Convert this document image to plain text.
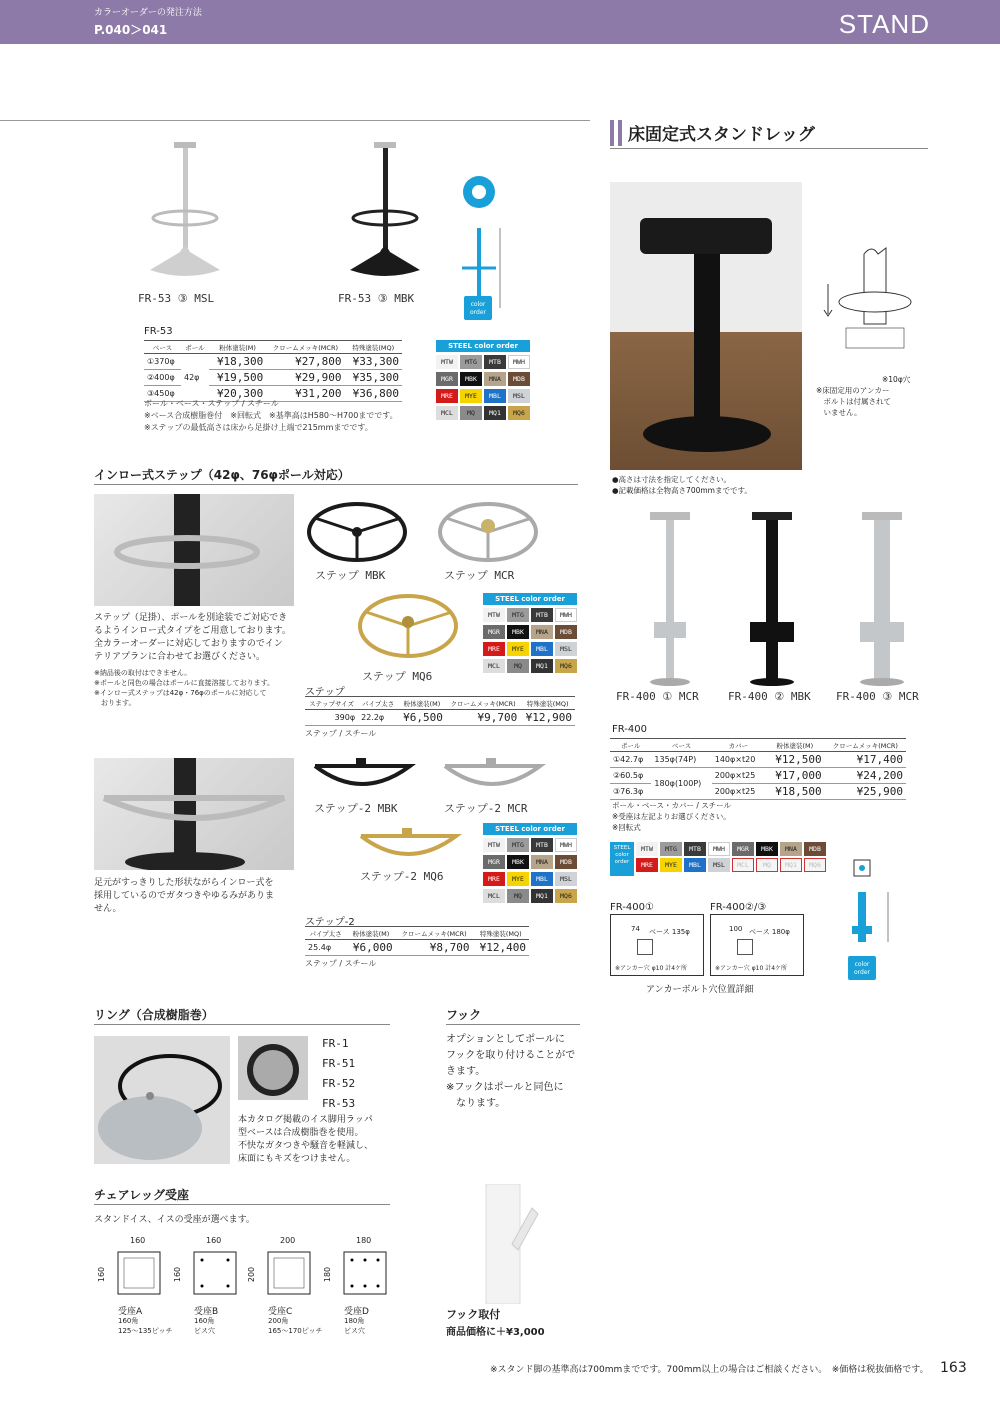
カラーオーダーの発注方法
P.040＞041	STAND
FR-53 ③ MSL	FR-53 ③ MBK	color
order
FR-53
ベース	ポール	粉体塗装(M)	クロームメッキ(MCR)	特殊塗装(MQ)
①370φ	42φ	¥18,300	¥27,800	¥33,300
②400φ		¥19,500	¥29,900	¥35,300
③450φ		¥20,300	¥31,200	¥36,800
ボール・ベース・ステップ / スチール
※ベース合成樹脂巻付　※回転式　※基準高はH580〜H700までです。
※ステップの最低高さは床から足掛け上端で215mmまでです。
STEEL color order
MTW	MTG	MTB	MWH
MGR	MBK	MNA	MDB
MRE	MYE	MBL	MSL
MCL	MQ	MQ1	MQ6
インロー式ステップ（42φ、76φポール対応）
ステップ MBK	ステップ MCR
ステップ MQ6
STEEL color order
MTW	MTG	MTB	MWH
MGR	MBK	MNA	MDB
MRE	MYE	MBL	MSL
MCL	MQ	MQ1	MQ6
ステップ（足掛）、ポールを別途装でご対応でき
るようインロー式タイプをご用意しております。
全カラーオーダーに対応しておりますのでイン
テリアプランに合わせてお選びください。
※納品後の取付はできません。
※ポールと同色の場合はポールに直接溶接しております。
※インロー式ステップは42φ・76φのポールに対応して
　おります。
ステップ
ステップサイズ	パイプ太さ	粉体塗装(M)	クロームメッキ(MCR)	特殊塗装(MQ)
390φ	22.2φ	¥6,500	¥9,700	¥12,900
ステップ / スチール
ステップ-2 MBK	ステップ-2 MCR
ステップ-2 MQ6
STEEL color order
MTW	MTG	MTB	MWH
MGR	MBK	MNA	MDB
MRE	MYE	MBL	MSL
MCL	MQ	MQ1	MQ6
足元がすっきりした形状ながらインロー式を
採用しているのでガタつきやゆるみがありま
せん。
ステップ-2
パイプ太さ	粉体塗装(M)	クロームメッキ(MCR)	特殊塗装(MQ)
25.4φ	¥6,000	¥8,700	¥12,400
ステップ / スチール
リング（合成樹脂巻）
FR-1
FR-51
FR-52
FR-53
本カタログ掲載のイス脚用ラッパ
型ベースは合成樹脂巻を使用。
不快なガタつきや騒音を軽減し、
床面にもキズをつけません。
フック
オプションとしてポールに
フックを取り付けることがで
きます。
※フックはポールと同色に
　なります。
フック取付
商品価格に＋¥3,000
チェアレッグ受座
スタンドイス、イスの受座が選べます。
160
160
受座A
160角
125〜135ピッチ
160
160
受座B
160角
ビス穴
200
200
受座C
200角
165〜170ピッチ
180
180
受座D
180角
ビス穴
床固定式スタンドレッグ
※10φ穴
※床固定用のアンカー
　ボルトは付属されて
　いません。
●高さは寸法を指定してください。
●記載価格は全物高さ700mmまでです。
FR-400 ① MCR	FR-400 ② MBK FR-400 ③ MCR
FR-400
ポール	ベース	カバー	粉体塗装(M)	クロームメッキ(MCR)
①42.7φ	135φ(74P)	140φ×t20	¥12,500	¥17,400
②60.5φ	180φ(100P)	200φ×t25	¥17,000	¥24,200
③76.3φ		200φ×t25	¥18,500	¥25,900
ポール・ベース・カバー / スチール
※受座は左記よりお選びください。
※回転式
STEEL
color
order
MTW	MTG	MTB	MWH	MGR	MBK	MNA	MDB
MRE	MYE	MBL	MSL	MCL	MQ	MQ1	MQ6
color
order
FR-400①	FR-400②/③
74 ベース 135φ
※アンカー穴 φ10 計4ケ所
100 ベース 180φ
※アンカー穴 φ10 計4ケ所
アンカーボルト穴位置詳細
※スタンド脚の基準高は700mmまでです。700mm以上の場合はご相談ください。　※価格は税抜価格です。 163
